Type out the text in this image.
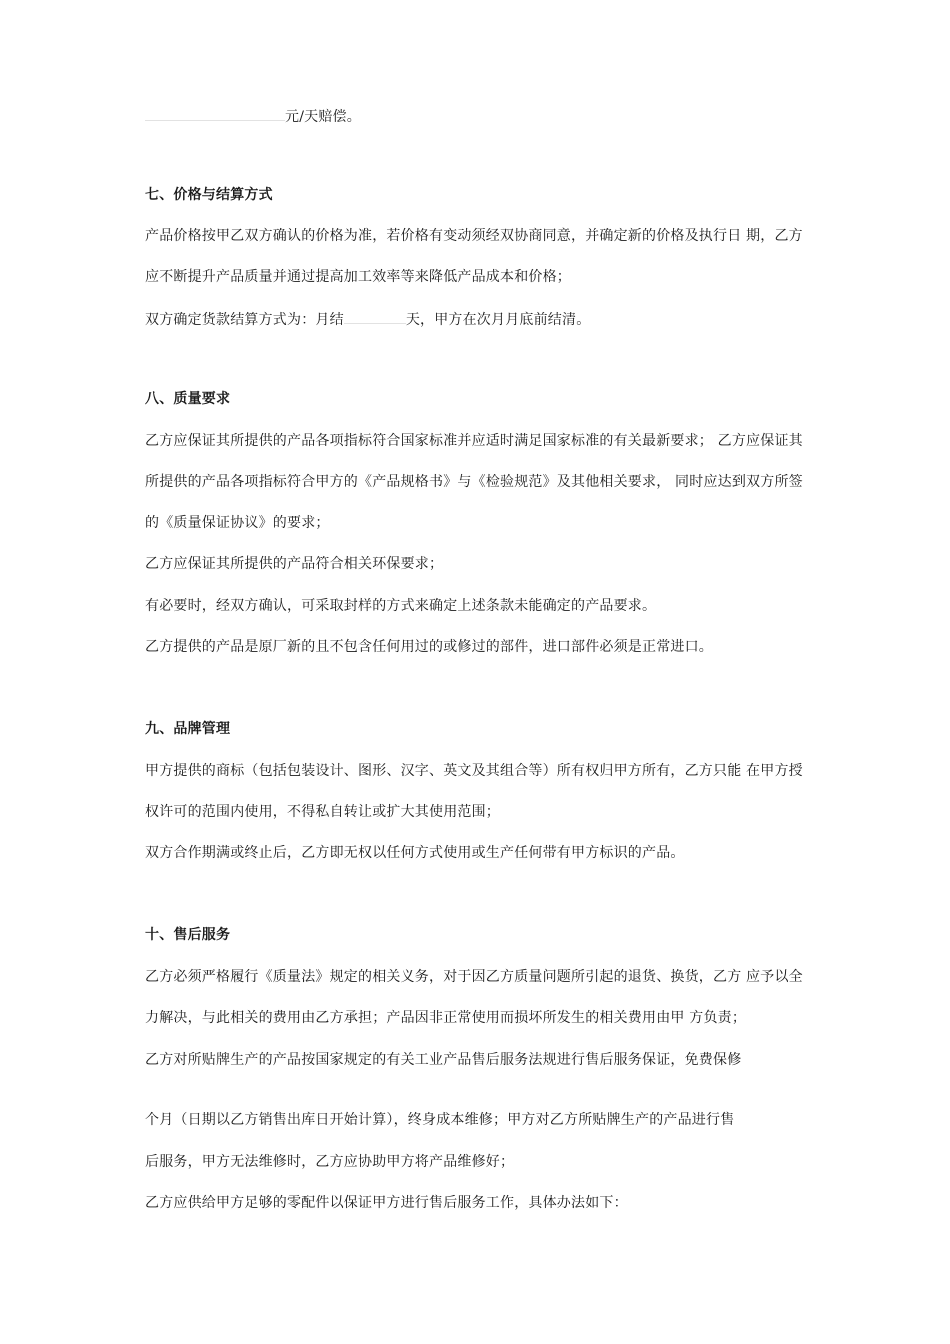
元/天赔偿。
七、价格与结算方式
产品价格按甲乙双方确认的价格为准，若价格有变动须经双协商同意，并确定新的价格及执行日 期，乙方
应不断提升产品质量并通过提高加工效率等来降低产品成本和价格；
双方确定货款结算方式为：月结	天，甲方在次月月底前结清。
八、质量要求
乙方应保证其所提供的产品各项指标符合国家标准并应适时满足国家标准的有关最新要求； 乙方应保证其
所提供的产品各项指标符合甲方的《产品规格书》与《检验规范》及其他相关要求， 同时应达到双方所签
的《质量保证协议》的要求；
乙方应保证其所提供的产品符合相关环保要求；
有必要时，经双方确认，可采取封样的方式来确定上述条款未能确定的产品要求。
乙方提供的产品是原厂新的且不包含任何用过的或修过的部件，进口部件必须是正常进口。
九、品牌管理
甲方提供的商标（包括包装设计、图形、汉字、英文及其组合等）所有权归甲方所有，乙方只能 在甲方授
权许可的范围内使用，不得私自转让或扩大其使用范围；
双方合作期满或终止后，乙方即无权以任何方式使用或生产任何带有甲方标识的产品。
十、售后服务
乙方必须严格履行《质量法》规定的相关义务，对于因乙方质量问题所引起的退货、换货，乙方 应予以全
力解决，与此相关的费用由乙方承担；产品因非正常使用而损坏所发生的相关费用由甲 方负责；
乙方对所贴牌生产的产品按国家规定的有关工业产品售后服务法规进行售后服务保证，免费保修
个月（日期以乙方销售出库日开始计算），终身成本维修；甲方对乙方所贴牌生产的产品进行售
后服务，甲方无法维修时，乙方应协助甲方将产品维修好；
乙方应供给甲方足够的零配件以保证甲方进行售后服务工作，具体办法如下：
